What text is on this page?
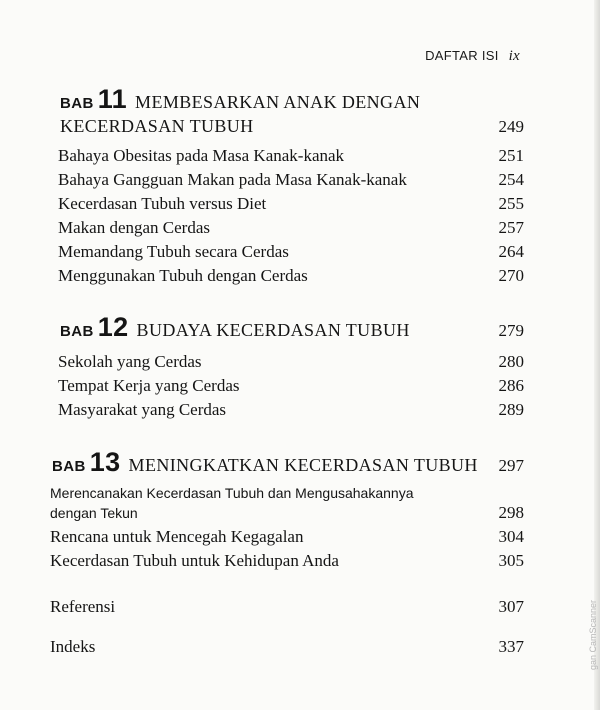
DAFTAR ISI ix
BAB 11 MEMBESARKAN ANAK DENGAN
KECERDASAN TUBUH	249
Bahaya Obesitas pada Masa Kanak-kanak	251
Bahaya Gangguan Makan pada Masa Kanak-kanak	254
Kecerdasan Tubuh versus Diet	255
Makan dengan Cerdas	257
Memandang Tubuh secara Cerdas	264
Menggunakan Tubuh dengan Cerdas	270
BAB 12 BUDAYA KECERDASAN TUBUH	279
Sekolah yang Cerdas	280
Tempat Kerja yang Cerdas	286
Masyarakat yang Cerdas	289
BAB 13 MENINGKATKAN KECERDASAN TUBUH 297
Merencanakan Kecerdasan Tubuh dan Mengusahakannya
dengan Tekun	298
Rencana untuk Mencegah Kegagalan	304
Kecerdasan Tubuh untuk Kehidupan Anda	305
Referensi	307
Indeks	337	gan CamScanner
